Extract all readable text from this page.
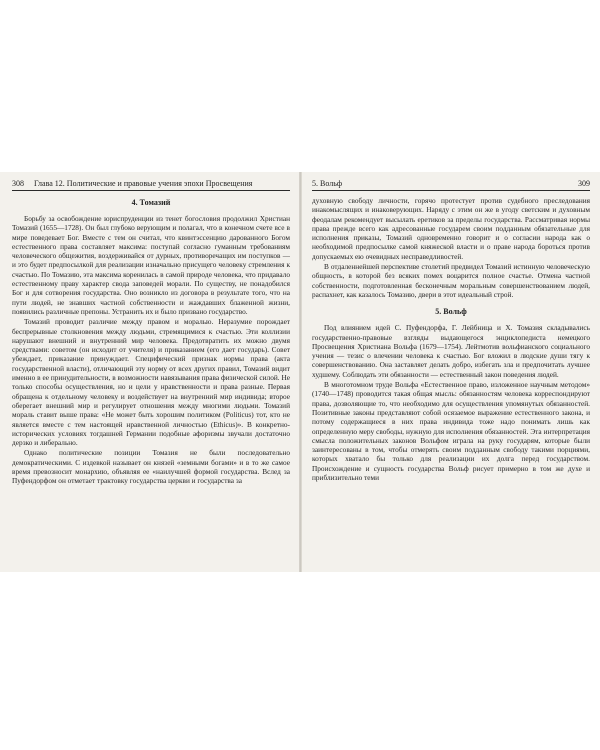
308 Глава 12. Политические и правовые учения эпохи Просвещения
4. Томазий

Борьбу за освобождение юриспруденции из тенет богословия продолжил Христиан Томазий (1655—1728). Он был глубоко верующим и полагал, что в конечном счете все в мире поведевает Бог. Вместе с тем он считал, что квинтэссенцию дарованного Богом естественного права составляет максима: поступай согласно гуманным требованиям человеческого общежития, воздерживайся от дурных, противоречащих им поступков — и это будет предпосылкой для реализации изначально присущего человеку стремления к счастью. По Томазию, эта максима коренилась в самой природе человека, что придавало естественному праву характер свода заповедей морали. По существу, не понадобился Бог и для сотворения государства. Оно возникло из договора в результате того, что на пути людей, не знавших частной собственности и жаждавших блаженной жизни, появились различные препоны. Устранить их и было призвано государство.

Томазий проводит различие между правом и моралью. Неразумие порождает беспрерывные столкновения между людьми, стремящимися к счастью. Эти коллизии нарушают внешний и внутренний мир человека. Предотвратить их можно двумя средствами: советом (он исходит от учителя) и приказанием (его дает государь). Совет убеждает, приказание принуждает. Специфический признак нормы права (акта государственной власти), отличающий эту норму от всех других правил, Томазий видит именно в ее принудительности, в возможности навязывания права физической силой. Не только способы осуществления, но и цели у нравственности и права разные. Первая обращена к отдельному человеку и воздействует на внутренний мир индивида; второе оберегает внешний мир и регулирует отношения между многими людьми. Томазий мораль ставит выше права: «Не может быть хорошим политиком (Politicus) тот, кто не является вместе с тем настоящей нравственной личностью (Ethicus)». В конкретно-исторических условиях тогдашней Германии подобные афоризмы звучали достаточно дерзко и либерально.

Однако политические позиции Томазия не были последовательно демократическими. С издевкой называет он князей «земными богами» и в то же самое время превозносит монархию, объявляя ее «наилучшей формой государства. Вслед за Пуфендорфом он отметает трактовку государства церкви и государства за

5. Вольф	309

духовную свободу личности, горячо протестует против судебного преследования инакомыслящих и инаковерующих. Наряду с этим он же в угоду светским и духовным феодалам рекомендует высылать еретиков за пределы государства. Рассматривая нормы права прежде всего как адресованные государем своим подданным обязательные для исполнения приказы, Томазий одновременно говорит и о согласии народа как о необходимой предпосылке самой княжеской власти и о праве народа бороться против допускаемых ею очевидных несправедливостей.

В отдаленнейшей перспективе столетий предвидел Томазий истинную человеческую общность, в которой без всяких помех воцарится полное счастье. Отмена частной собственности, подготовленная бесконечным моральным совершенствованием людей, распахнет, как казалось Томазию, двери в этот идеальный строй.

5. Вольф

Под влиянием идей С. Пуфендорфа, Г. Лейбница и Х. Томазия складывались государственно-правовые взгляды выдающегося энциклопедиста немецкого Просвещения Христиана Вольфа (1679—1754). Лейтмотив вольфианского социального учения — тезис о влечении человека к счастью. Бог вложил в людские души тягу к совершенствованию. Она заставляет делать добро, избегать зла и предпочитать лучшее худшему. Соблюдать эти обязанности — естественный закон поведения людей.

В многотомном труде Вольфа «Естественное право, изложенное научным методом» (1740—1748) проводится такая общая мысль: обязанностям человека корреспондируют права, дозволяющие то, что необходимо для осуществления упомянутых обязанностей. Позитивные законы представляют собой осязаемое выражение естественного закона, и потому содержащиеся в них права индивида тоже надо понимать лишь как определенную меру свободы, нужную для исполнения обязанностей. Эта интерпретация смысла положительных законов Вольфом играла на руку государям, которые были заинтересованы в том, чтобы отмерять своим подданным свободу такими порциями, которых хватало бы только для реализации их долга перед государством. Происхождение и сущность государства Вольф рисует примерно в том же духе и приблизительно теми
